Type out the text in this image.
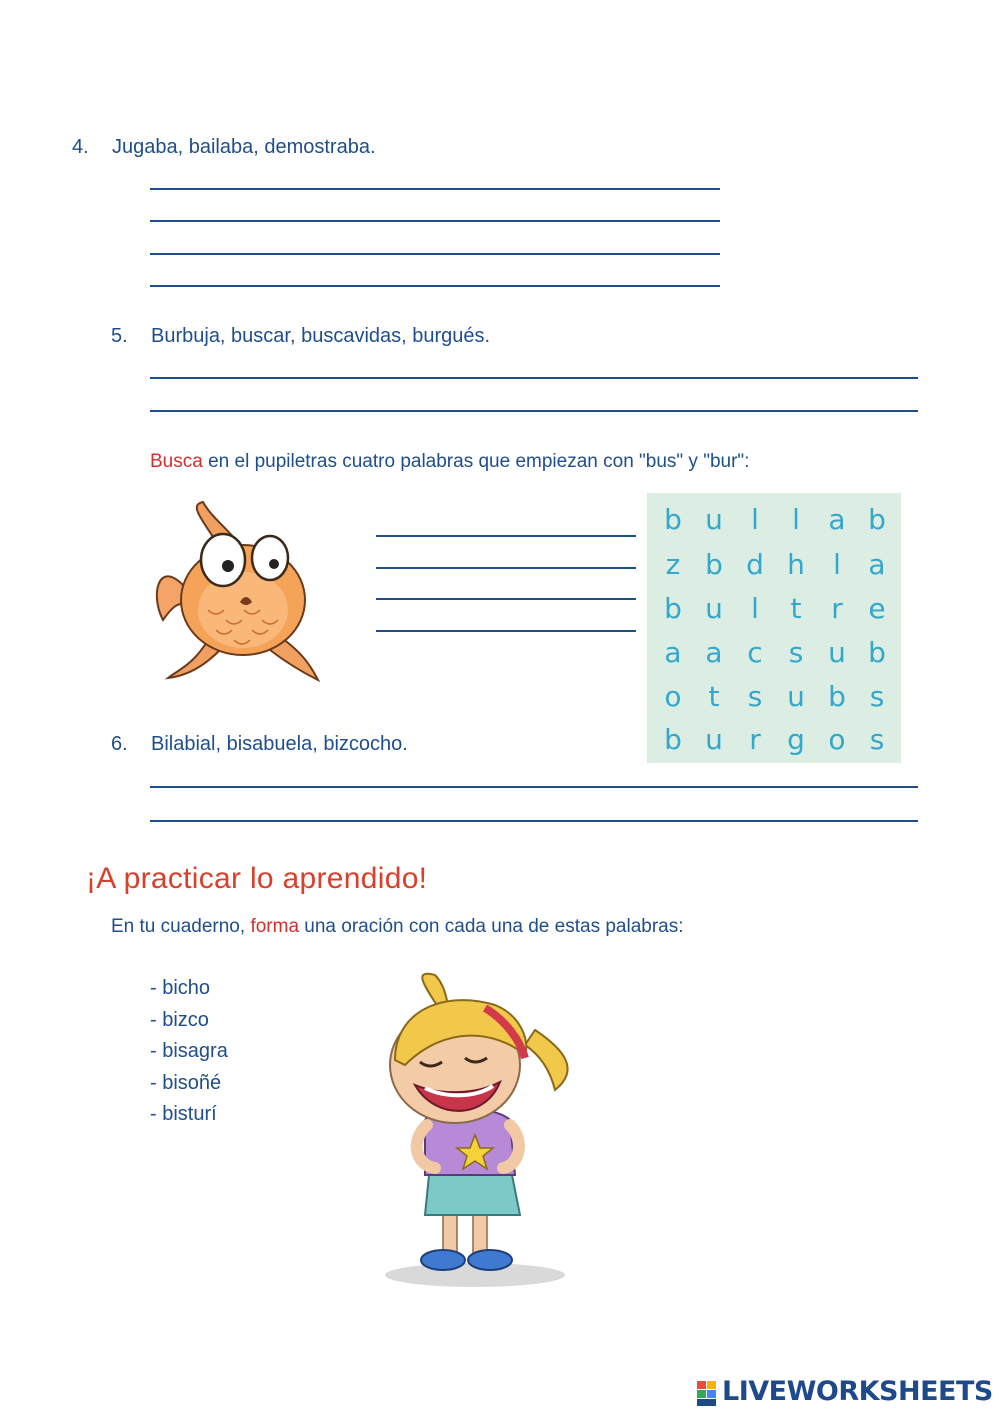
4. Jugaba, bailaba, demostraba.
5. Burbuja, buscar, buscavidas, burgués.
Busca en el pupiletras cuatro palabras que empiezan con "bus" y "bur":
b u	l	l	a b
z b d h	l a
b u	l	t	r e
a a c s u b
o t	s u b s
b u r g o s
6. Bilabial, bisabuela, bizcocho.
¡A practicar lo aprendido!
En tu cuaderno, forma una oración con cada una de estas palabras:
- bicho
- bizco
- bisagra
- bisoñé
- bisturí
LIVEWORKSHEETS
